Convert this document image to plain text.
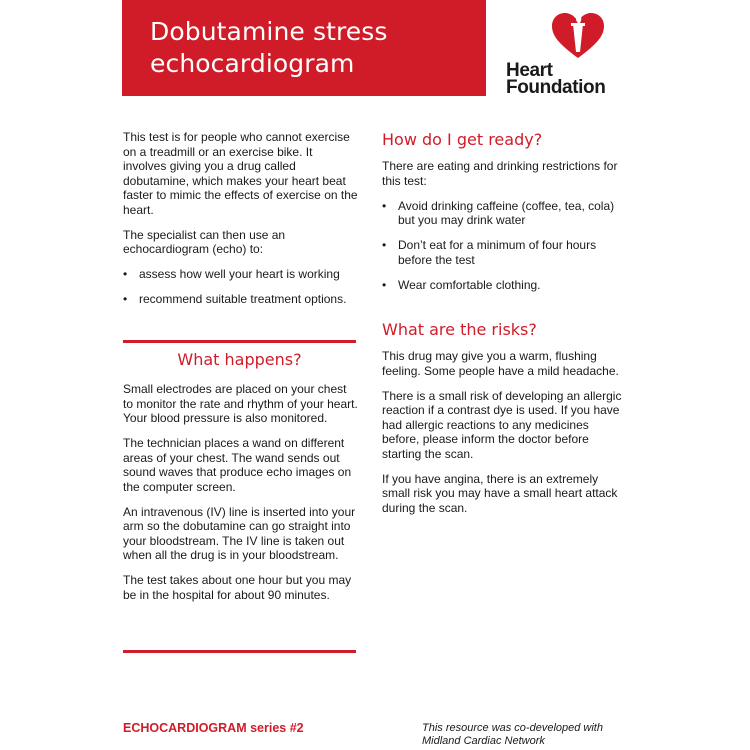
Dobutamine stress
echocardiogram	Heart
Foundation

This test is for people who cannot exercise on a treadmill or an exercise bike. It involves giving you a drug called dobutamine, which makes your heart beat faster to mimic the effects of exercise on the heart.

The specialist can then use an echocardiogram (echo) to:

• assess how well your heart is working
• recommend suitable treatment options.
What happens?

Small electrodes are placed on your chest to monitor the rate and rhythm of your heart. Your blood pressure is also monitored.

The technician places a wand on different areas of your chest. The wand sends out sound waves that produce echo images on the computer screen.

An intravenous (IV) line is inserted into your arm so the dobutamine can go straight into your bloodstream. The IV line is taken out when all the drug is in your bloodstream.

The test takes about one hour but you may be in the hospital for about 90 minutes.

How do I get ready?

There are eating and drinking restrictions for this test:

• Avoid drinking caffeine (coffee, tea, cola) but you may drink water
• Don’t eat for a minimum of four hours before the test
• Wear comfortable clothing.
What are the risks?

This drug may give you a warm, flushing feeling. Some people have a mild headache.

There is a small risk of developing an allergic reaction if a contrast dye is used. If you have had allergic reactions to any medicines before, please inform the doctor before starting the scan.

If you have angina, there is an extremely small risk you may have a small heart attack during the scan.

ECHOCARDIOGRAM series #2	This resource was co-developed with
Midland Cardiac Network
